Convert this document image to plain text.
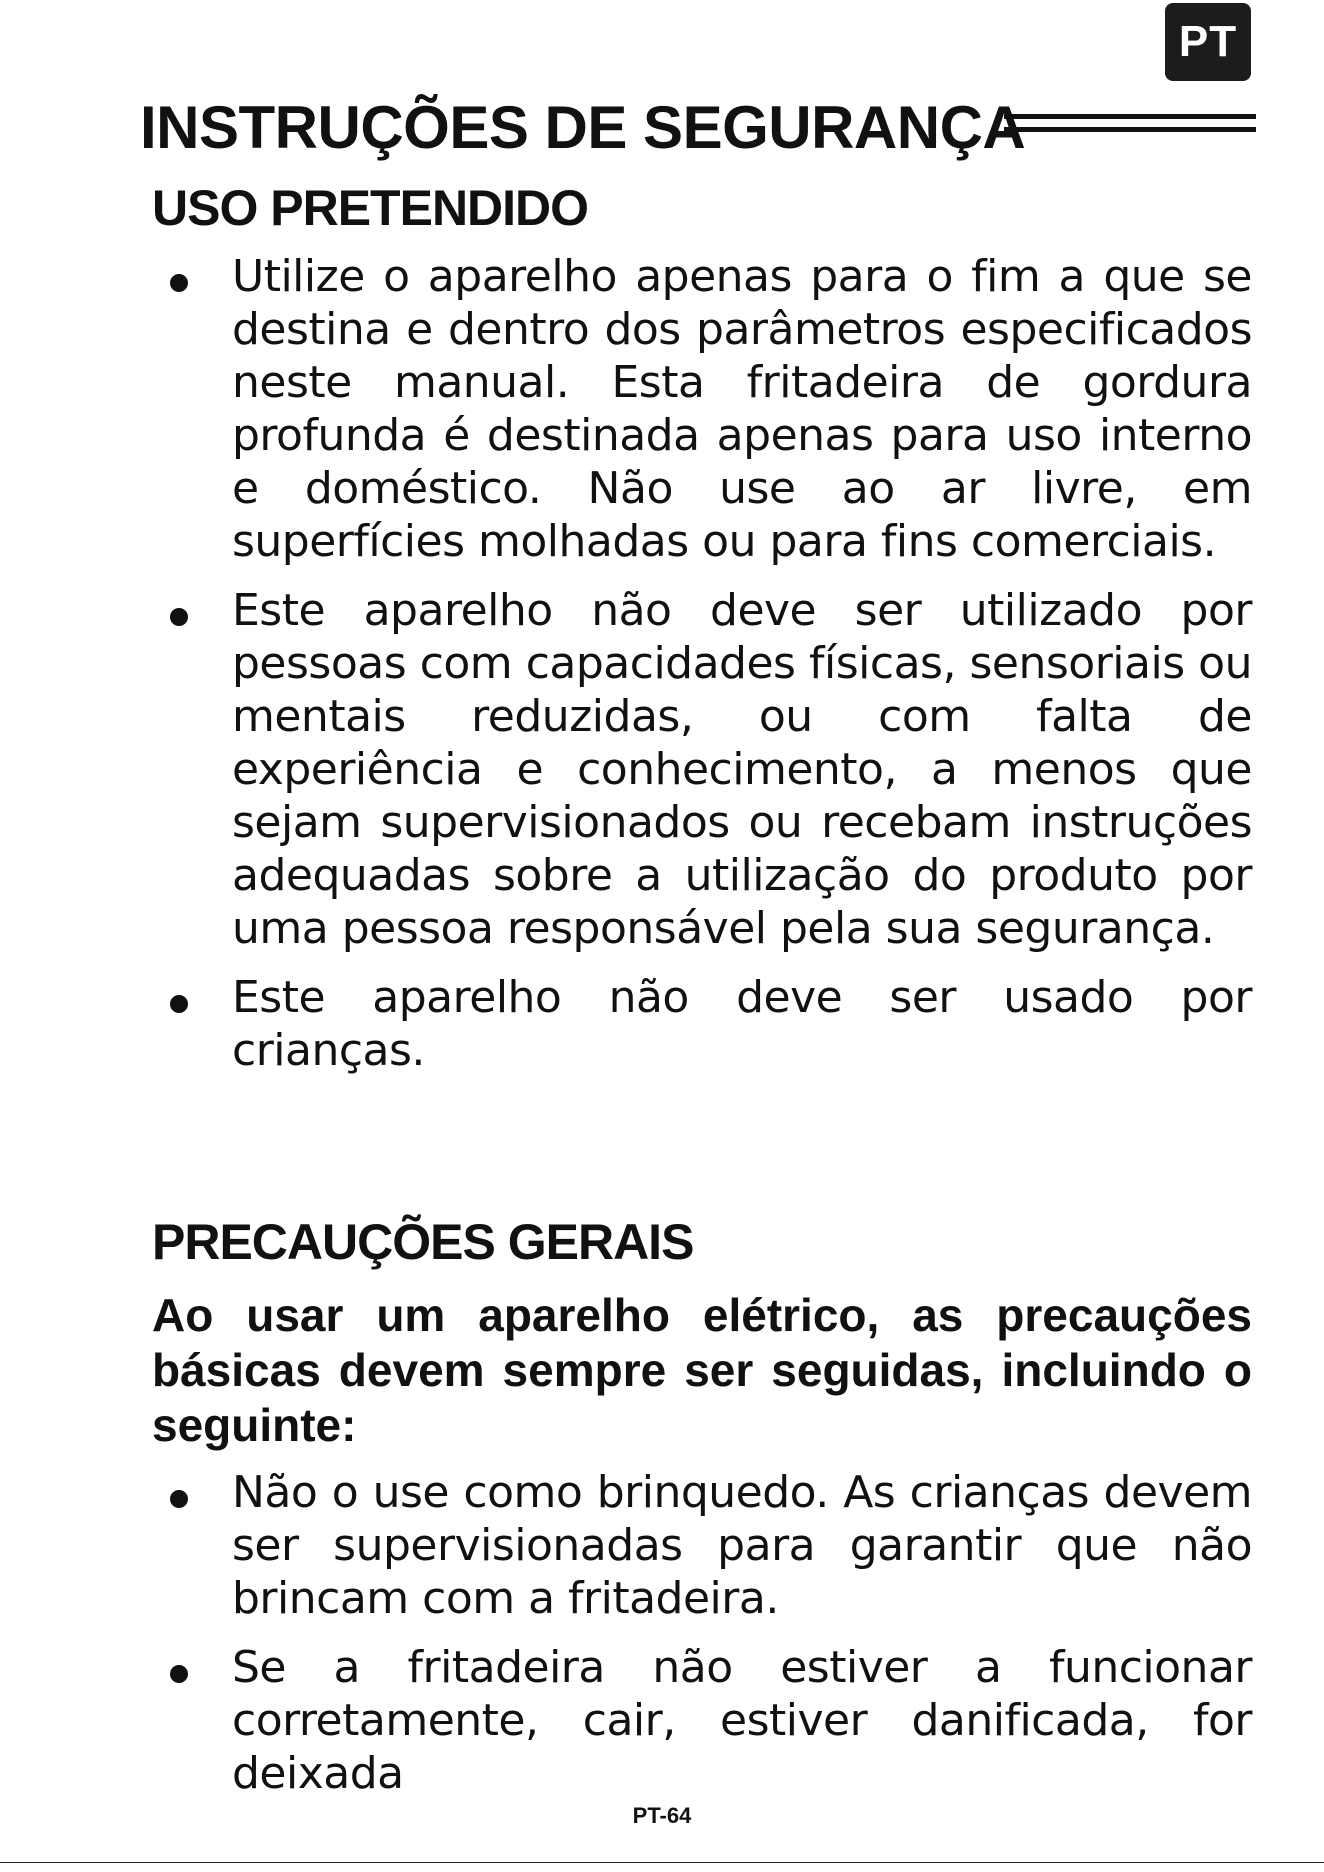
PT
INSTRUÇÕES DE SEGURANÇA
USO PRETENDIDO
Utilize o aparelho apenas para o fim a que se destina e dentro dos parâmetros especificados neste manual. Esta fritadeira de gordura profunda é destinada apenas para uso interno e doméstico. Não use ao ar livre, em superfícies molhadas ou para fins comerciais.
Este aparelho não deve ser utilizado por pessoas com capacidades físicas, sensoriais ou mentais reduzidas, ou com falta de experiência e conhecimento, a menos que sejam supervisionados ou recebam instruções adequadas sobre a utilização do produto por uma pessoa responsável pela sua segurança.
Este aparelho não deve ser usado por crianças.
PRECAUÇÕES GERAIS

Ao usar um aparelho elétrico, as precauções básicas devem sempre ser seguidas, incluindo o seguinte:

Não o use como brinquedo. As crianças devem ser supervisionadas para garantir que não brincam com a fritadeira.
Se a fritadeira não estiver a funcionar corretamente, cair, estiver danificada, for deixada
PT-64
